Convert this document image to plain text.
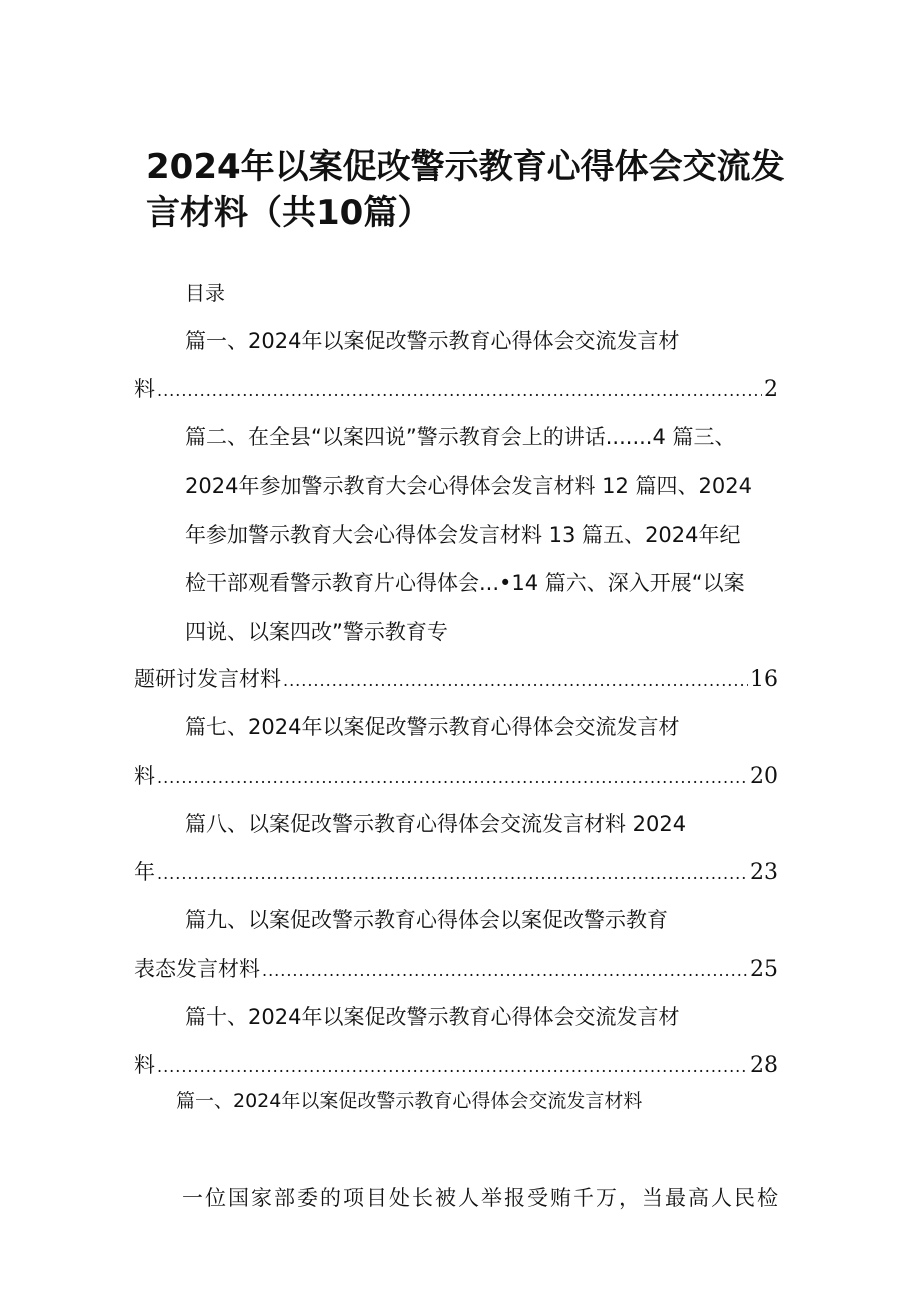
2024年以案促改警示教育心得体会交流发
言材料（共10篇）
目录
篇一、2024年以案促改警示教育心得体会交流发言材
料 .....	2
篇二、在全县“以案四说”警示教育会上的讲话.......4 篇三、
2024年参加警示教育大会心得体会发言材料 12 篇四、2024
年参加警示教育大会心得体会发言材料 13 篇五、2024年纪
检干部观看警示教育片心得体会...•14 篇六、深入开展“以案
四说、以案四改”警示教育专
题研讨发言材料 .....	16
篇七、2024年以案促改警示教育心得体会交流发言材
料 .....	20
篇八、以案促改警示教育心得体会交流发言材料 2024
年 .....	23
篇九、以案促改警示教育心得体会以案促改警示教育
表态发言材料 .....	25
篇十、2024年以案促改警示教育心得体会交流发言材
料 .....	28
篇一、2024年以案促改警示教育心得体会交流发言材料
一位国家部委的项目处长被人举报受贿千万，当最高人民检
